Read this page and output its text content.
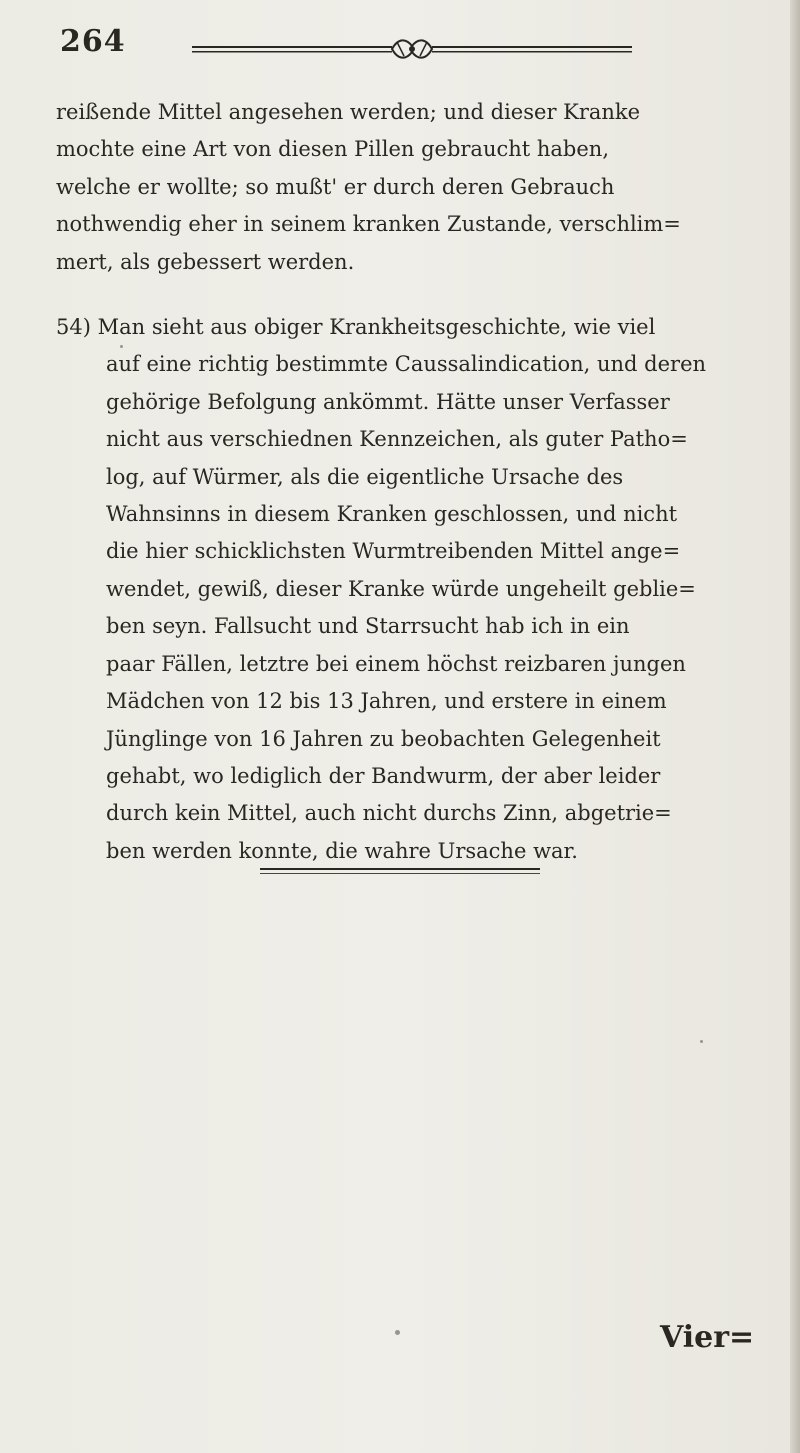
264
reißende Mittel angesehen werden; und dieser Kranke
mochte eine Art von diesen Pillen gebraucht haben,
welche er wollte; so mußt' er durch deren Gebrauch
nothwendig eher in seinem kranken Zustande, verschlim=
mert, als gebessert werden.
54) Man sieht aus obiger Krankheitsgeschichte, wie viel
auf eine richtig bestimmte Caussalindication, und deren
gehörige Befolgung ankömmt. Hätte unser Verfasser
nicht aus verschiednen Kennzeichen, als guter Patho=
log, auf Würmer, als die eigentliche Ursache des
Wahnsinns in diesem Kranken geschlossen, und nicht
die hier schicklichsten Wurmtreibenden Mittel ange=
wendet, gewiß, dieser Kranke würde ungeheilt geblie=
ben seyn. Fallsucht und Starrsucht hab ich in ein
paar Fällen, letztre bei einem höchst reizbaren jungen
Mädchen von 12 bis 13 Jahren, und erstere in einem
Jünglinge von 16 Jahren zu beobachten Gelegenheit
gehabt, wo lediglich der Bandwurm, der aber leider
durch kein Mittel, auch nicht durchs Zinn, abgetrie=
ben werden konnte, die wahre Ursache war.
Vier=
